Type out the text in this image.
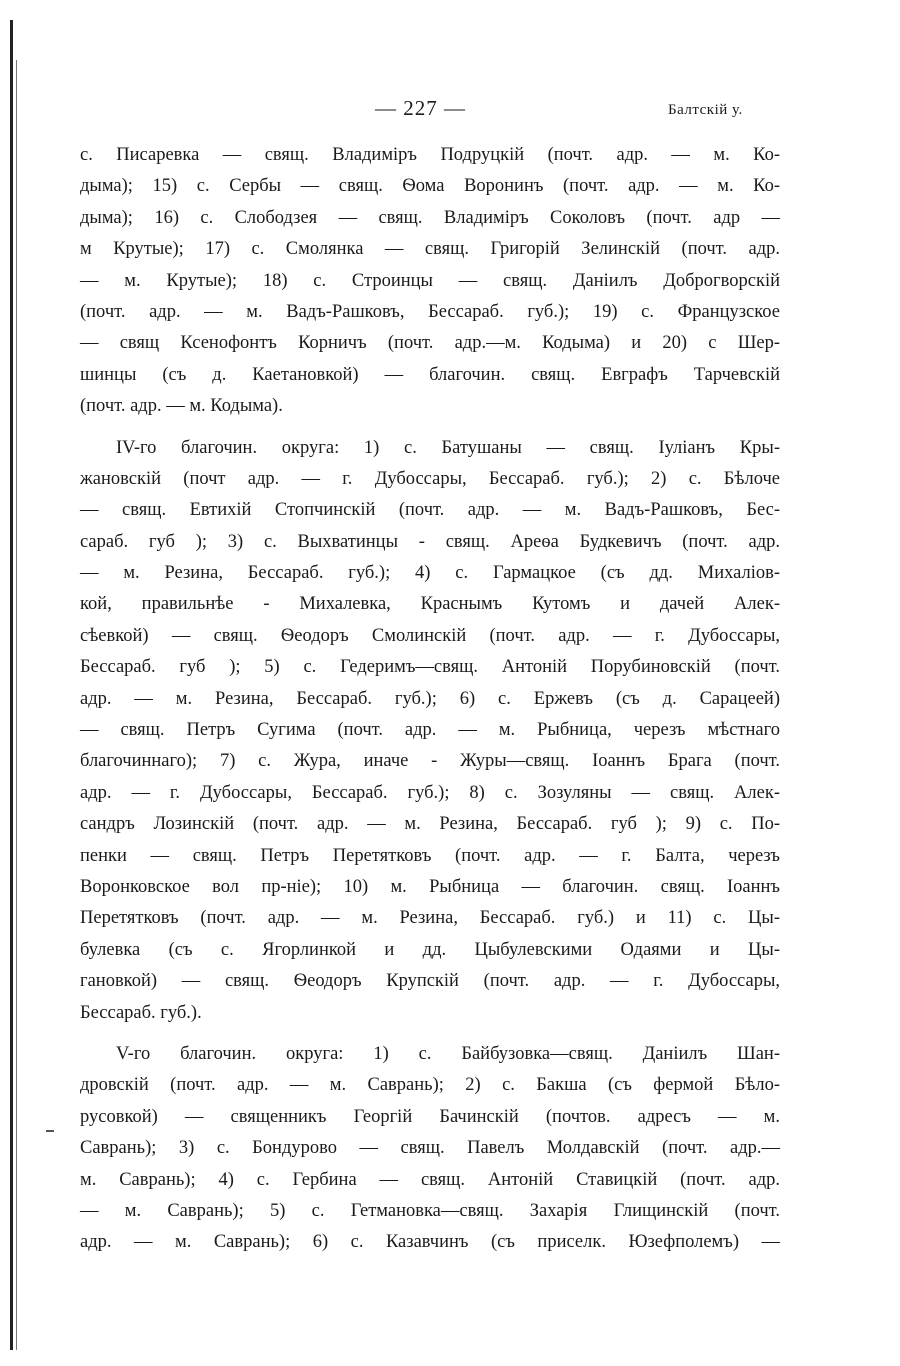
— 227 —	Балтскій у.
с. Писаревка — свящ. Владиміръ Подруцкій (почт. адр. — м. Ко-
дыма); 15) с. Сербы — свящ. Ѳома Воронинъ (почт. адр. — м. Ко-
дыма); 16) с. Слободзея — свящ. Владиміръ Соколовъ (почт. адр —
м Крутые); 17) с. Смолянка — свящ. Григорій Зелинскій (почт. адр.
— м. Крутые); 18) с. Строинцы — свящ. Даніилъ Доброгворскій
(почт. адр. — м. Вадъ-Рашковъ, Бессараб. губ.); 19) с. Французское
— свящ Ксенофонтъ Корничъ (почт. адр.—м. Кодыма) и 20) с Шер-
шинцы (съ д. Каетановкой) — благочин. свящ. Евграфъ Тарчевскій
(почт. адр. — м. Кодыма).
IV-го благочин. округа: 1) с. Батушаны — свящ. Іуліанъ Кры-
жановскій (почт адр. — г. Дубоссары, Бессараб. губ.); 2) с. Бѣлоче
— свящ. Евтихій Стопчинскій (почт. адр. — м. Вадъ-Рашковъ, Бес-
сараб. губ ); 3) с. Выхватинцы - свящ. Ареѳа Будкевичъ (почт. адр.
— м. Резина, Бессараб. губ.); 4) с. Гармацкое (съ дд. Михаліов-
кой, правильнѣе - Михалевка, Краснымъ Кутомъ и дачей Алек-
сѣевкой) — свящ. Ѳеодоръ Смолинскій (почт. адр. — г. Дубоссары,
Бессараб. губ ); 5) с. Гедеримъ—свящ. Антоній Порубиновскій (почт.
адр. — м. Резина, Бессараб. губ.); 6) с. Ержевъ (съ д. Сарацеей)
— свящ. Петръ Сугима (почт. адр. — м. Рыбница, черезъ мѣстнаго
благочиннаго); 7) с. Жура, иначе - Журы—свящ. Іоаннъ Брага (почт.
адр. — г. Дубоссары, Бессараб. губ.); 8) с. Зозуляны — свящ. Алек-
сандръ Лозинскій (почт. адр. — м. Резина, Бессараб. губ ); 9) с. По-
пенки — свящ. Петръ Перетятковъ (почт. адр. — г. Балта, черезъ
Воронковское вол пр-ніе); 10) м. Рыбница — благочин. свящ. Іоаннъ
Перетятковъ (почт. адр. — м. Резина, Бессараб. губ.) и 11) с. Цы-
булевка (съ с. Ягорлинкой и дд. Цыбулевскими Одаями и Цы-
гановкой) — свящ. Ѳеодоръ Крупскій (почт. адр. — г. Дубоссары,
Бессараб. губ.).
V-го благочин. округа: 1) с. Байбузовка—свящ. Даніилъ Шан-
дровскій (почт. адр. — м. Саврань); 2) с. Бакша (съ фермой Бѣло-
русовкой) — священникъ Георгій Бачинскій (почтов. адресъ — м.
Саврань); 3) с. Бондурово — свящ. Павелъ Молдавскій (почт. адр.—
м. Саврань); 4) с. Гербина — свящ. Антоній Ставицкій (почт. адр.
— м. Саврань); 5) с. Гетмановка—свящ. Захарія Глищинскій (почт.
адр. — м. Саврань); 6) с. Казавчинъ (съ приселк. Юзефполемъ) —
